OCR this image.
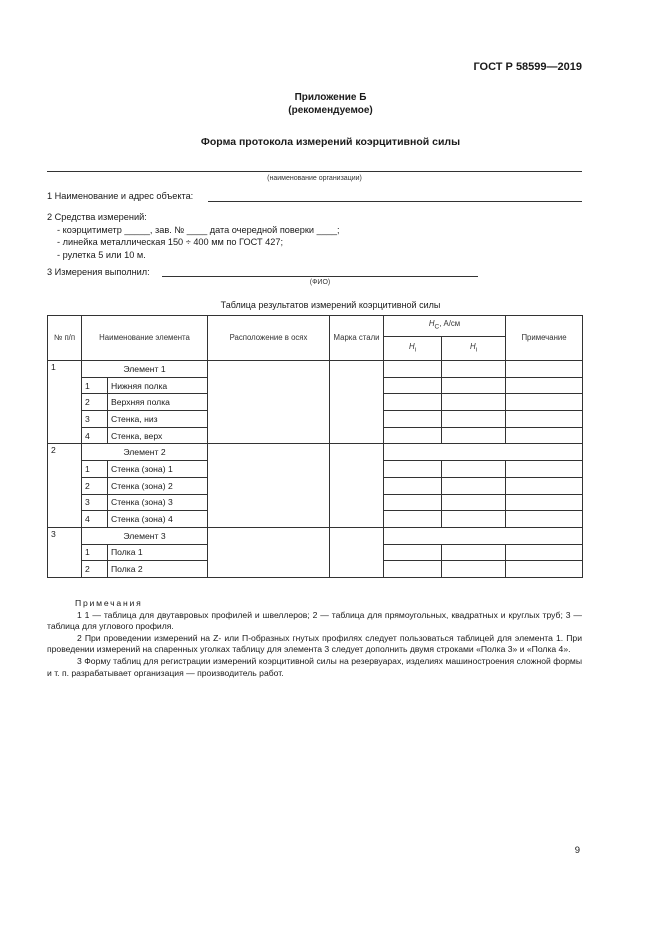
ГОСТ Р 58599—2019
Приложение Б
(рекомендуемое)
Форма протокола измерений коэрцитивной силы
(наименование организации)
1 Наименование и адрес объекта:
2 Средства измерений:
- коэрцитиметр _____, зав. № ____ дата очередной поверки ____;
- линейка металлическая 150 ÷ 400 мм по ГОСТ 427;
- рулетка 5 или 10 м.
3 Измерения выполнил:
(ФИО)
Таблица результатов измерений коэрцитивной силы
№ п/п	Наименование элемента		Расположение в осях	Марка стали	$H_C$, А/см		Примечание
					$H_i$	$H_i$
1	Элемент 1						
	1	Нижняя полка					
	2	Верхняя полка					
	3	Стенка, низ					
	4	Стенка, верх					
2	Элемент 2						
	1	Стенка (зона) 1					
	2	Стенка (зона) 2					
	3	Стенка (зона) 3					
	4	Стенка (зона) 4					
3	Элемент 3						
	1	Полка 1					
	2	Полка 2					

Примечания

1 1 — таблица для двутавровых профилей и швеллеров; 2 — таблица для прямоугольных, квадратных и круглых труб; 3 — таблица для углового профиля.

2 При проведении измерений на Z- или П-образных гнутых профилях следует пользоваться таблицей для элемента 1. При проведении измерений на спаренных уголках таблицу для элемента 3 следует дополнить двумя строками «Полка 3» и «Полка 4».

3 Форму таблиц для регистрации измерений коэрцитивной силы на резервуарах, изделиях машиностроения сложной формы и т. п. разрабатывает организация — производитель работ.

9
